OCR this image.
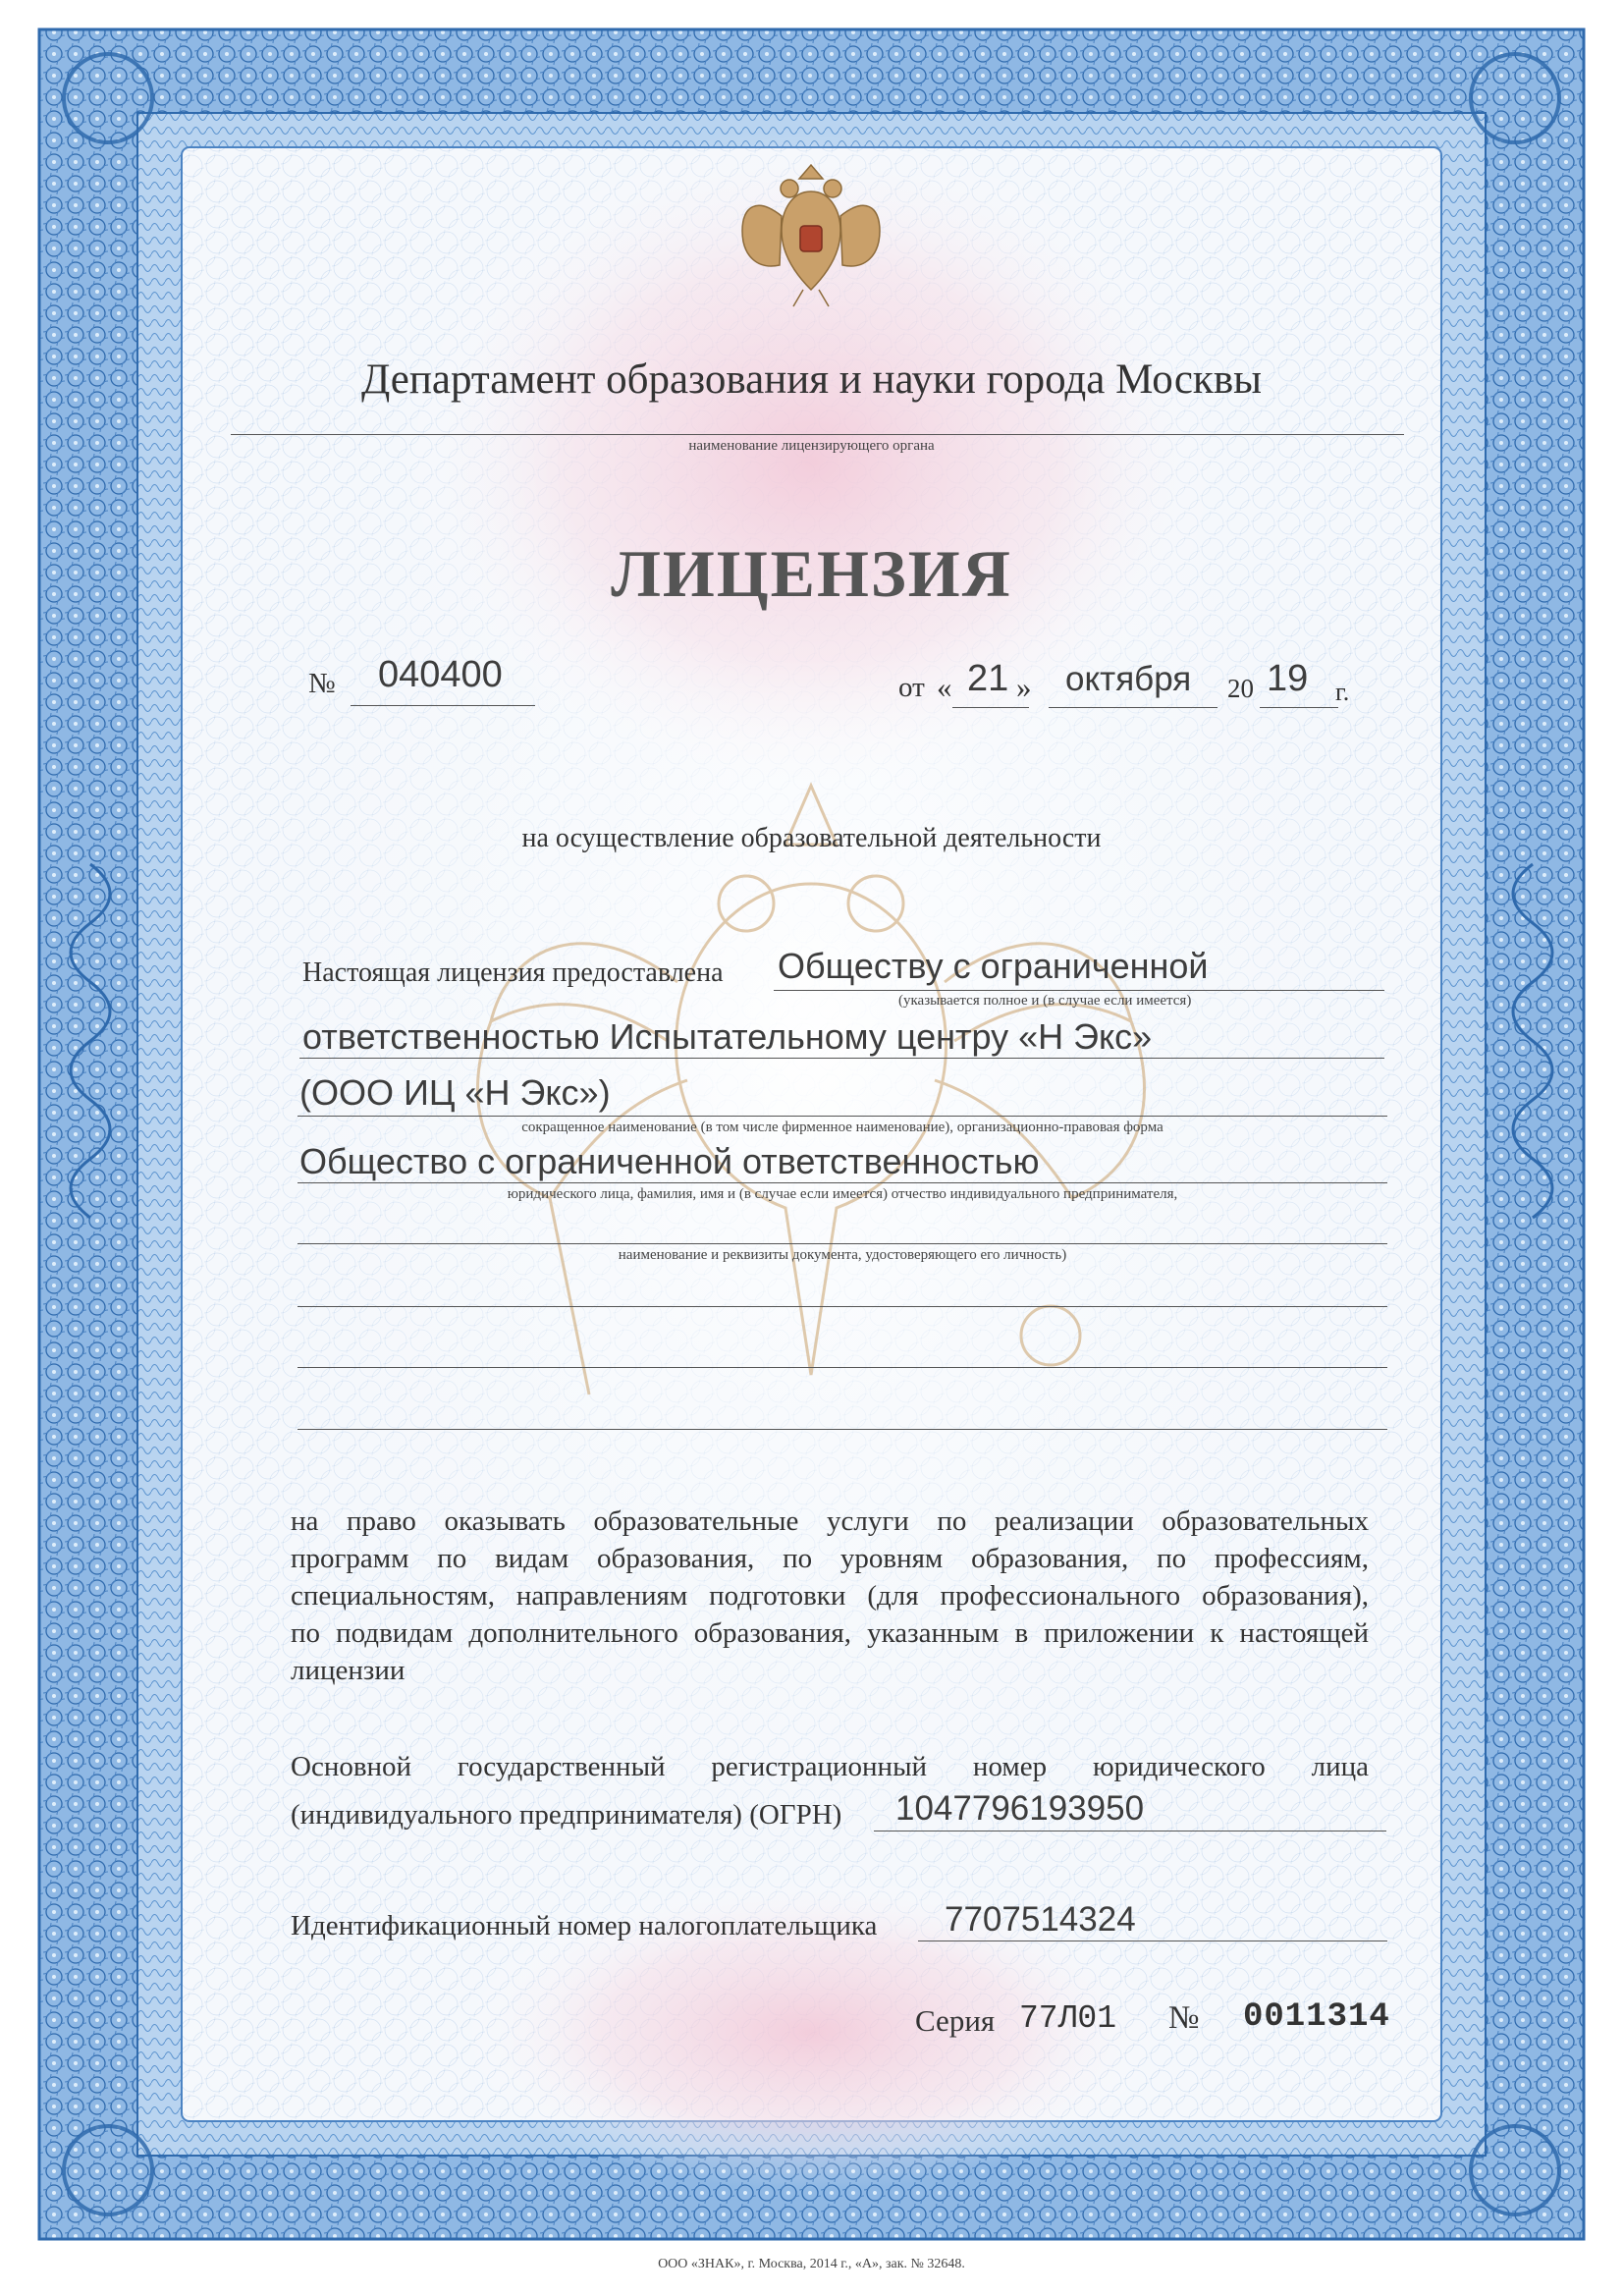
Департамент образования и науки города Москвы
наименование лицензирующего органа
ЛИЦЕНЗИЯ
№ 040400	от « 21 » октября 20 19 г.
на осуществление образовательной деятельности
Настоящая лицензия предоставлена Обществу с ограниченной
(указывается полное и (в случае если имеется)
ответственностью Испытательному центру «Н Экс»
(ООО ИЦ «Н Экс»)
сокращенное наименование (в том числе фирменное наименование), организационно-правовая форма
Общество с ограниченной ответственностью
юридического лица, фамилия, имя и (в случае если имеется) отчество индивидуального предпринимателя,
наименование и реквизиты документа, удостоверяющего его личность)
на право оказывать образовательные услуги по реализации образовательных
программ по видам образования, по уровням образования, по профессиям,
специальностям, направлениям подготовки (для профессионального образования),
по подвидам дополнительного образования, указанным в приложении к настоящей
лицензии
Основной государственный регистрационный номер юридического лица
(индивидуального предпринимателя) (ОГРН) 1047796193950
Идентификационный номер налогоплательщика 7707514324
Серия 77Л01 № 0011314
ООО «ЗНАК», г. Москва, 2014 г., «А», зак. № 32648.
